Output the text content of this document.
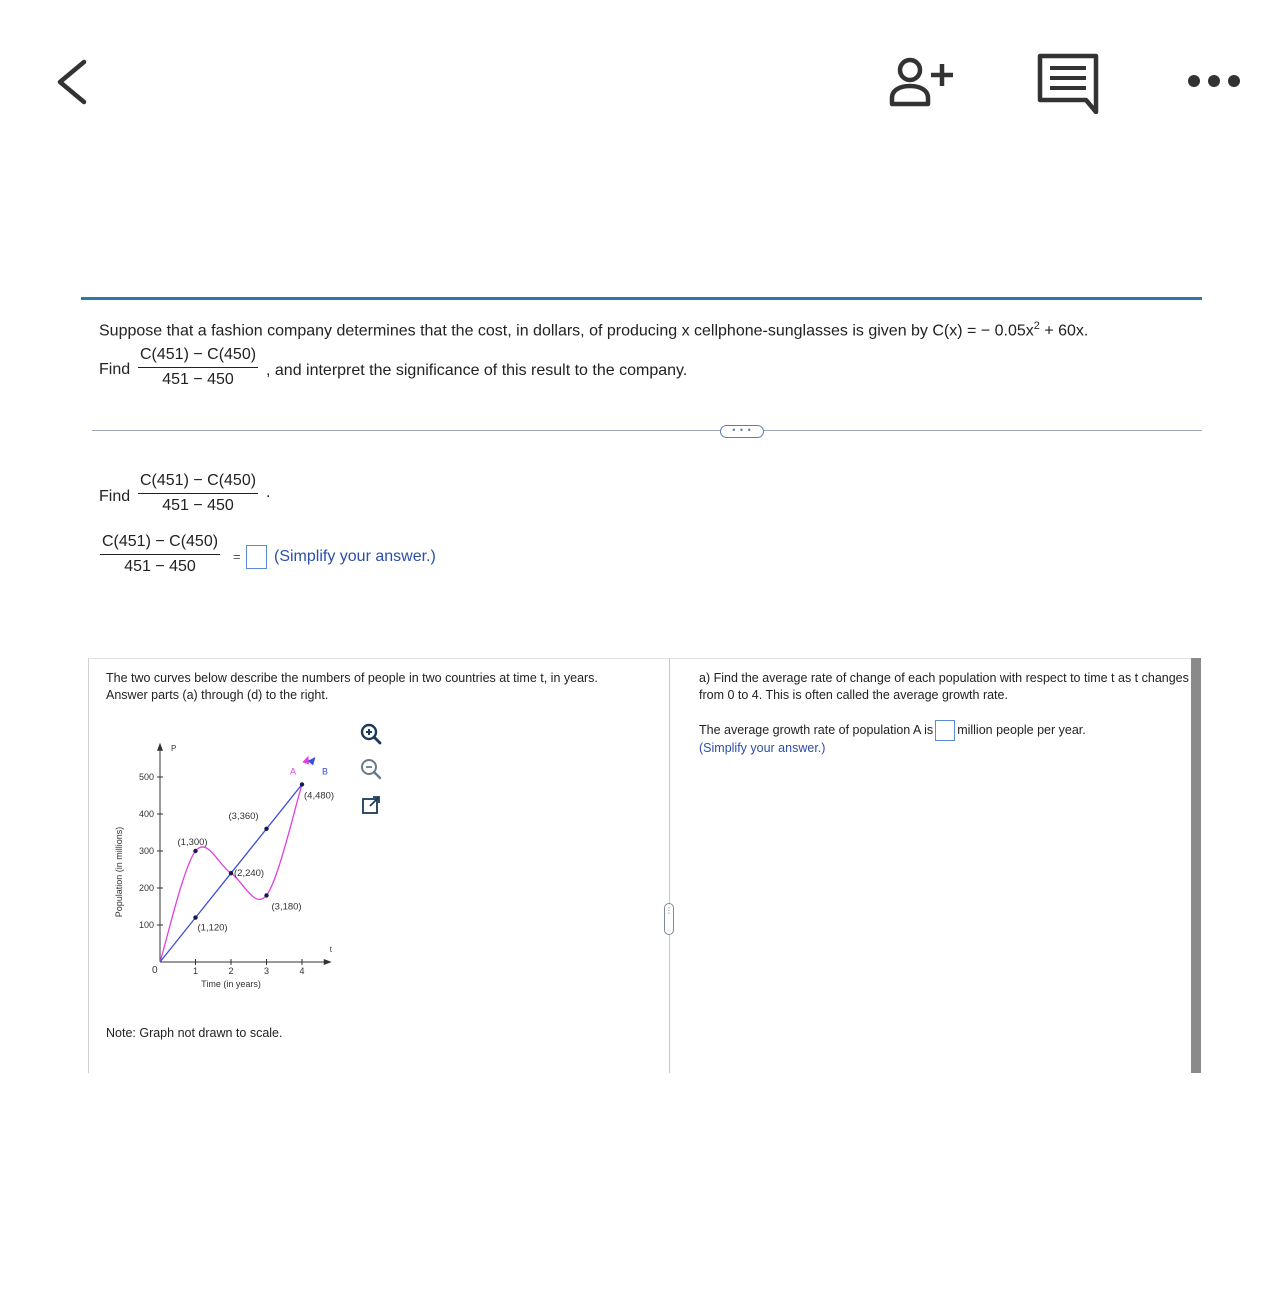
Suppose that a fashion company determines that the cost, in dollars, of producing x cellphone-sunglasses is given by C(x) = − $0.05x^2 + 60x$.
Find $\frac{C(451) - C(450)}{451 - 450}$ , and interpret the significance of this result to the company.
• • •
Find $\frac{C(451) - C(450)}{451 - 450}$ .
$\frac{C(451) - C(450)}{451 - 450}$ = (Simplify your answer.)
⋮
The two curves below describe the numbers of people in two countries at time t, in years. Answer parts (a) through (d) to the right.
t
P
0	1	2	3	4
100
200
300
400
500
Time (in years)
Population (in millions)
A	B
(1,300)
(1,120)
(2,240)
(3,360)
(3,180)
(4,480)
Note: Graph not drawn to scale.
a) Find the average rate of change of each population with respect to time t as t changes from 0 to 4. This is often called the average growth rate.
The average growth rate of population A is million people per year.
(Simplify your answer.)
